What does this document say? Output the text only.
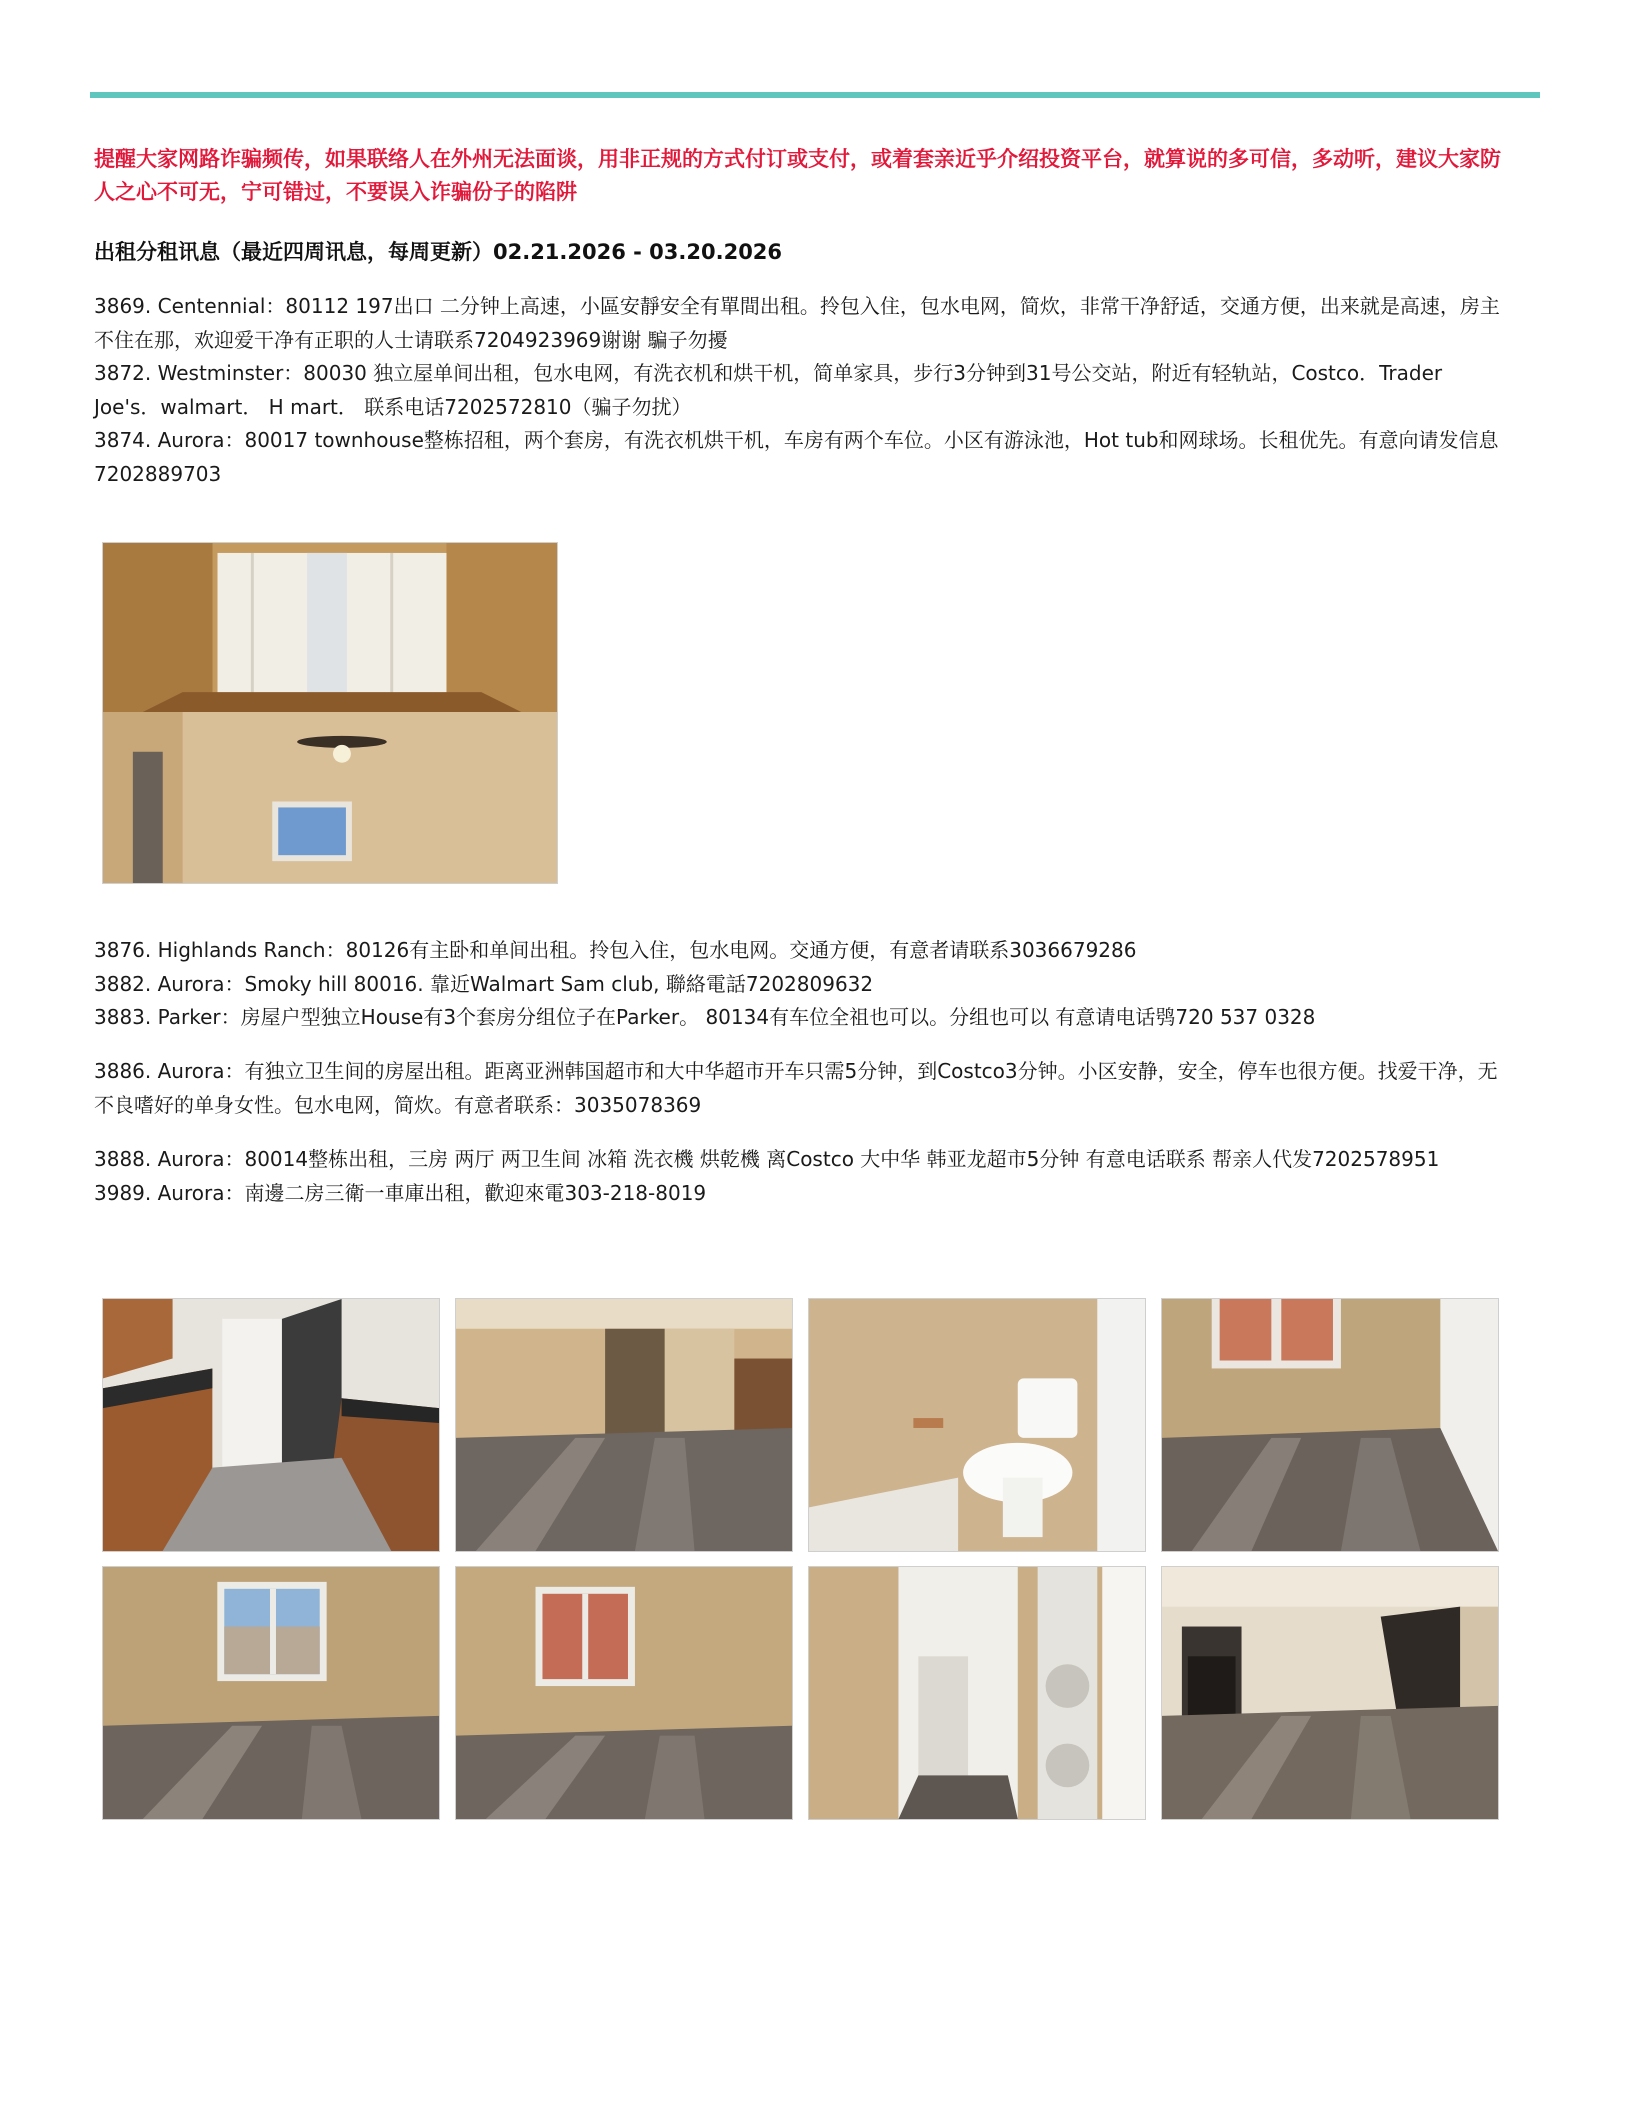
提醒大家网路诈骗频传，如果联络人在外州无法面谈，用非正规的方式付订或支付，或着套亲近乎介绍投资平台，就算说的多可信，多动听，建议大家防人之心不可无，宁可错过，不要误入诈骗份子的陷阱

出租分租讯息（最近四周讯息，每周更新）02.21.2026 - 03.20.2026

3869. Centennial：80112 197出口 二分钟上高速，小區安靜安全有單間出租。拎包入住，包水电网，简炊，非常干净舒适，交通方便，出来就是高速，房主不住在那，欢迎爱干净有正职的人士请联系7204923969谢谢 騙子勿擾

3872. Westminster：80030 独立屋单间出租，包水电网，有洗衣机和烘干机，简单家具，步行3分钟到31号公交站，附近有轻轨站，Costco．Trader Joe's．walmart． H mart． 联系电话7202572810（骗子勿扰）

3874. Aurora：80017 townhouse整栋招租，两个套房，有洗衣机烘干机，车房有两个车位。小区有游泳池，Hot tub和网球场。长租优先。有意向请发信息7202889703

3876. Highlands Ranch：80126有主卧和单间出租。拎包入住，包水电网。交通方便，有意者请联系3036679286

3882. Aurora：Smoky hill 80016. 靠近Walmart Sam club, 聯絡電話7202809632

3883. Parker：房屋户型独立House有3个套房分组位子在Parker。 80134有车位全祖也可以。分组也可以 有意请电话鸮720 537 0328

3886. Aurora：有独立卫生间的房屋出租。距离亚洲韩国超市和大中华超市开车只需5分钟，到Costco3分钟。小区安静，安全，停车也很方便。找爱干净，无不良嗜好的单身女性。包水电网，简炊。有意者联系：3035078369

3888. Aurora：80014整栋出租，三房 两厅 两卫生间 冰箱 洗衣機 烘乾機 离Costco 大中华 韩亚龙超市5分钟 有意电话联系 帮亲人代发7202578951

3989. Aurora：南邊二房三衛一車庫出租，歡迎來電303-218-8019
